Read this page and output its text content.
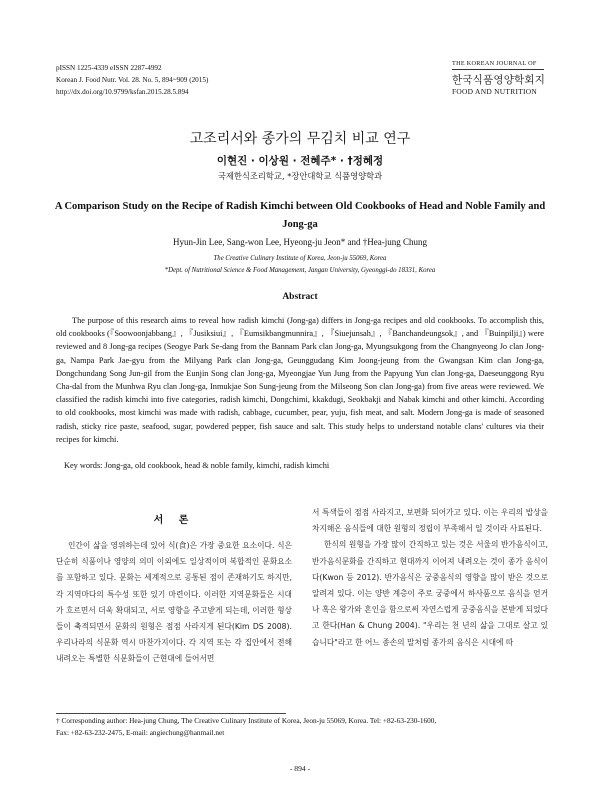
pISSN 1225-4339 eISSN 2287-4992
Korean J. Food Nutr. Vol. 28. No. 5, 894~909 (2015)
http://dx.doi.org/10.9799/ksfan.2015.28.5.894
THE KOREAN JOURNAL OF
한국식품영양학회지
FOOD AND NUTRITION
고조리서와 종가의 무김치 비교 연구
이현진 · 이상원 · 전혜주* · †정혜정
국제한식조리학교, *장안대학교 식품영양학과
A Comparison Study on the Recipe of Radish Kimchi between Old Cookbooks of Head and Noble Family and Jong-ga
Hyun-Jin Lee, Sang-won Lee, Hyeong-ju Jeon* and †Hea-jung Chung
The Creative Culinary Institute of Korea, Jeon-ju 55069, Korea
*Dept. of Nutritional Science & Food Management, Jangan University, Gyeonggi-do 18331, Korea
Abstract

The purpose of this research aims to reveal how radish kimchi (Jong-ga) differs in Jong-ga recipes and old cookbooks. To accomplish this, old cookbooks (『Soowoonjabbang』, 『Jusiksiui』, 『Eumsikbangmunnira』, 『Siuejunsah』, 『Banchandeungsok』, and 『Buinpilji』) were reviewed and 8 Jong-ga recipes (Seogye Park Se-dang from the Bannam Park clan Jong-ga, Myungsukgong from the Changnyeong Jo clan Jong-ga, Nampa Park Jae-gyu from the Milyang Park clan Jong-ga, Geunggudang Kim Joong-jeung from the Gwangsan Kim clan Jong-ga, Dongchundang Song Jun-gil from the Eunjin Song clan Jong-ga, Myeongjae Yun Jung from the Papyung Yun clan Jong-ga, Daeseunggong Ryu Cha-dal from the Munhwa Ryu clan Jong-ga, Inmukjae Son Sung-jeung from the Milseong Son clan Jong-ga) from five areas were reviewed. We classified the radish kimchi into five categories, radish kimchi, Dongchimi, kkakdugi, Seokbakji and Nabak kimchi and other kimchi. According to old cookbooks, most kimchi was made with radish, cabbage, cucumber, pear, yuju, fish meat, and salt. Modern Jong-ga is made of seasoned radish, sticky rice paste, seafood, sugar, powdered pepper, fish sauce and salt. This study helps to understand notable clans' cultures via their recipes for kimchi.

Key words: Jong-ga, old cookbook, head & noble family, kimchi, radish kimchi
서 론

인간이 삶을 영위하는데 있어 식(食)은 가장 중요한 요소이다. 식은 단순히 식품이나 영양의 의미 이외에도 일상적이며 복합적인 문화요소를 포함하고 있다. 문화는 세계적으로 공통된 점이 존재하기도 하지만, 각 지역마다의 특수성 또한 있기 마련이다. 이러한 지역문화들은 시대가 흐르면서 더욱 확대되고, 서로 영향을 주고받게 되는데, 이러한 형상들이 축적되면서 문화의 원형은 점점 사라지게 된다(Kim DS 2008). 우리나라의 식문화 역시 마찬가지이다. 각 지역 또는 각 집안에서 전해 내려오는 특별한 식문화들이 근현대에 들어서면

서 특색들이 점점 사라지고, 보편화 되어가고 있다. 이는 우리의 밥상을 차지해온 음식들에 대한 원형의 정립이 부족해서 일 것이라 사료된다.

한식의 원형을 가장 많이 간직하고 있는 것은 서울의 반가음식이고, 반가음식문화를 간직하고 현대까지 이어져 내려오는 것이 종가 음식이다(Kwon 등 2012). 반가음식은 궁중음식의 영향을 많이 받은 것으로 알려져 있다. 이는 양반 계층이 주로 궁중에서 하사품으로 음식을 얻거나 혹은 왕가와 혼인을 함으로써 자연스럽게 궁중음식을 본받게 되었다고 한다(Han & Chung 2004). "우리는 천 년의 삶을 그대로 살고 있습니다"라고 한 어느 종손의 말처럼 종가의 음식은 시대에 따

† Corresponding author: Hea-jung Chung, The Creative Culinary Institute of Korea, Jeon-ju 55069, Korea. Tel: +82-63-230-1600,
Fax: +82-63-232-2475, E-mail: angiechung@hanmail.net
- 894 -
